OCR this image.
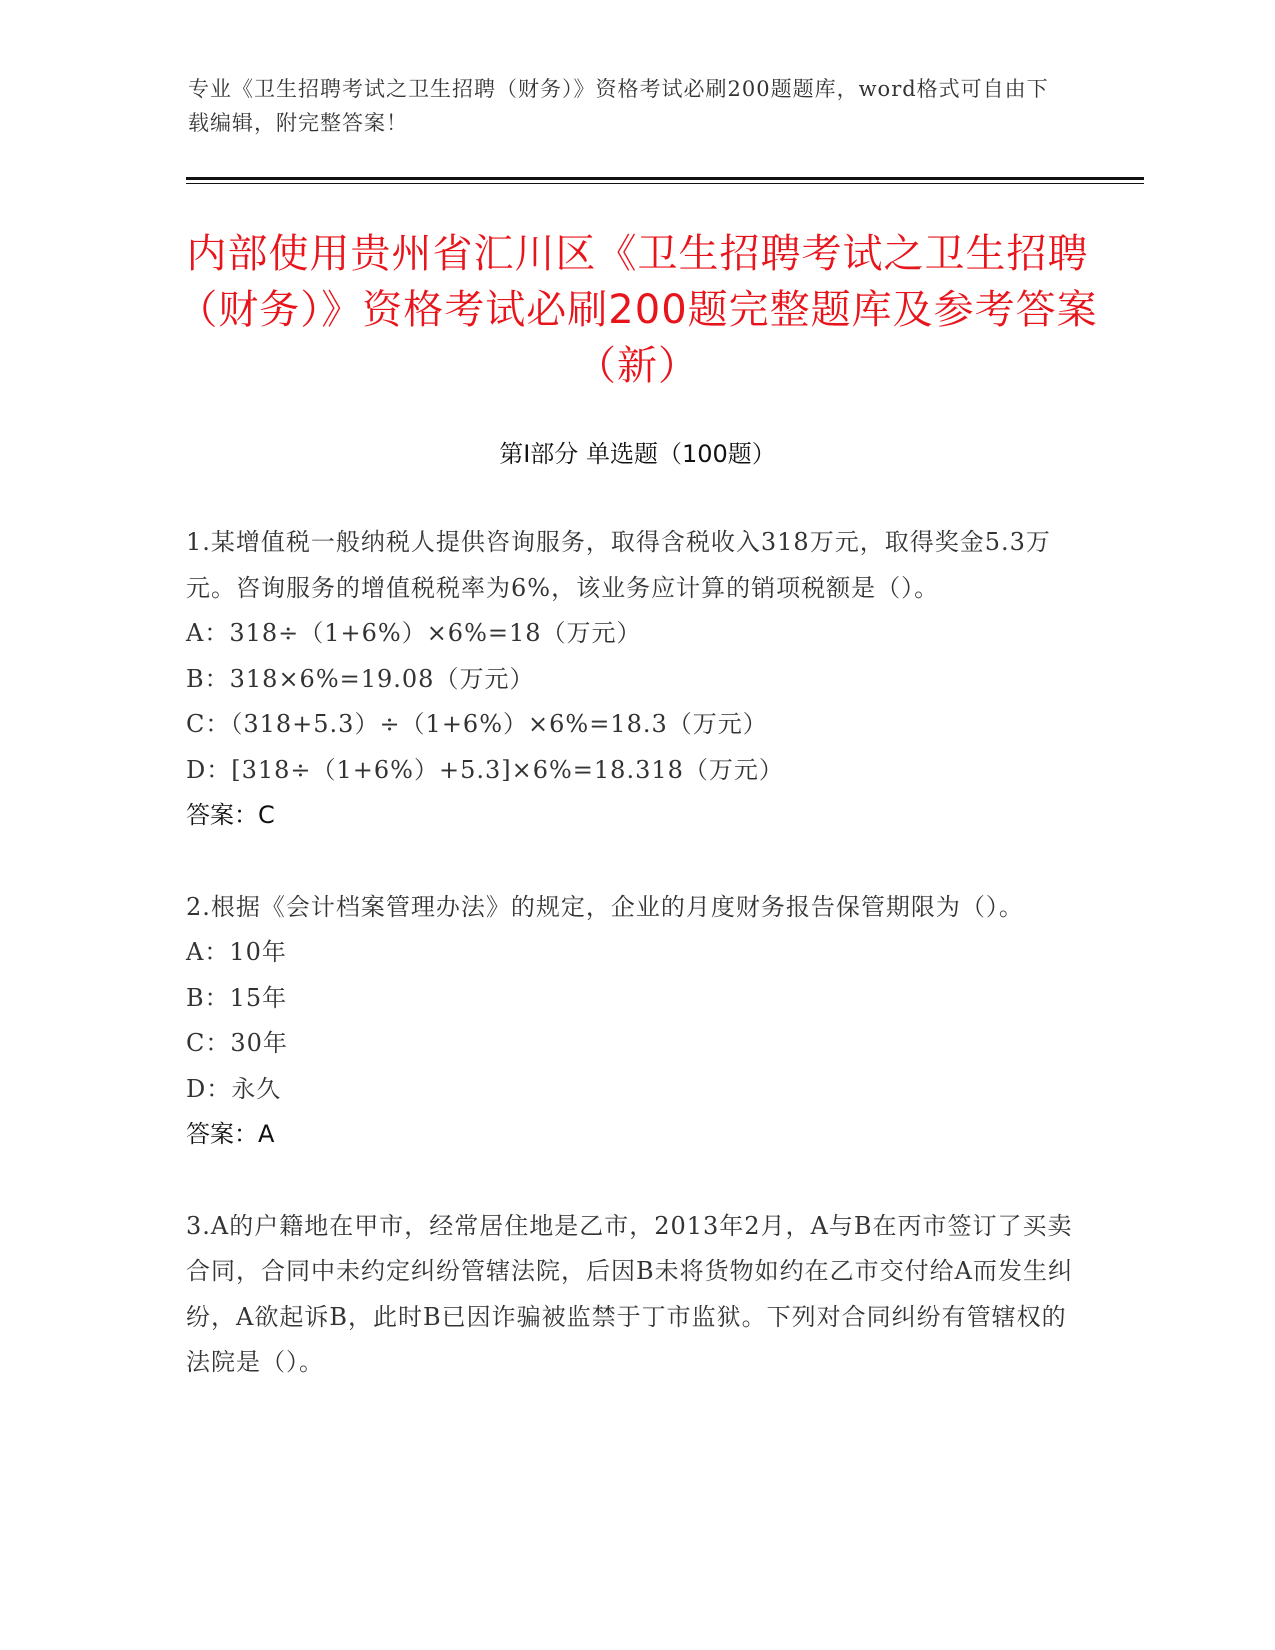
专业《卫生招聘考试之卫生招聘（财务）》资格考试必刷200题题库，word格式可自由下载编辑，附完整答案！
内部使用贵州省汇川区《卫生招聘考试之卫生招聘（财务）》资格考试必刷200题完整题库及参考答案（新）
第Ⅰ部分 单选题（100题）
1.某增值税一般纳税人提供咨询服务，取得含税收入318万元，取得奖金5.3万元。咨询服务的增值税税率为6%，该业务应计算的销项税额是（）。
A：318÷（1+6%）×6%=18（万元）
B：318×6%=19.08（万元）
C：（318+5.3）÷（1+6%）×6%=18.3（万元）
D：[318÷（1+6%）+5.3]×6%=18.318（万元）
答案：C
2.根据《会计档案管理办法》的规定，企业的月度财务报告保管期限为（）。
A：10年
B：15年
C：30年
D：永久
答案：A
3.A的户籍地在甲市，经常居住地是乙市，2013年2月，A与B在丙市签订了买卖合同，合同中未约定纠纷管辖法院，后因B未将货物如约在乙市交付给A而发生纠纷，A欲起诉B，此时B已因诈骗被监禁于丁市监狱。下列对合同纠纷有管辖权的法院是（）。
